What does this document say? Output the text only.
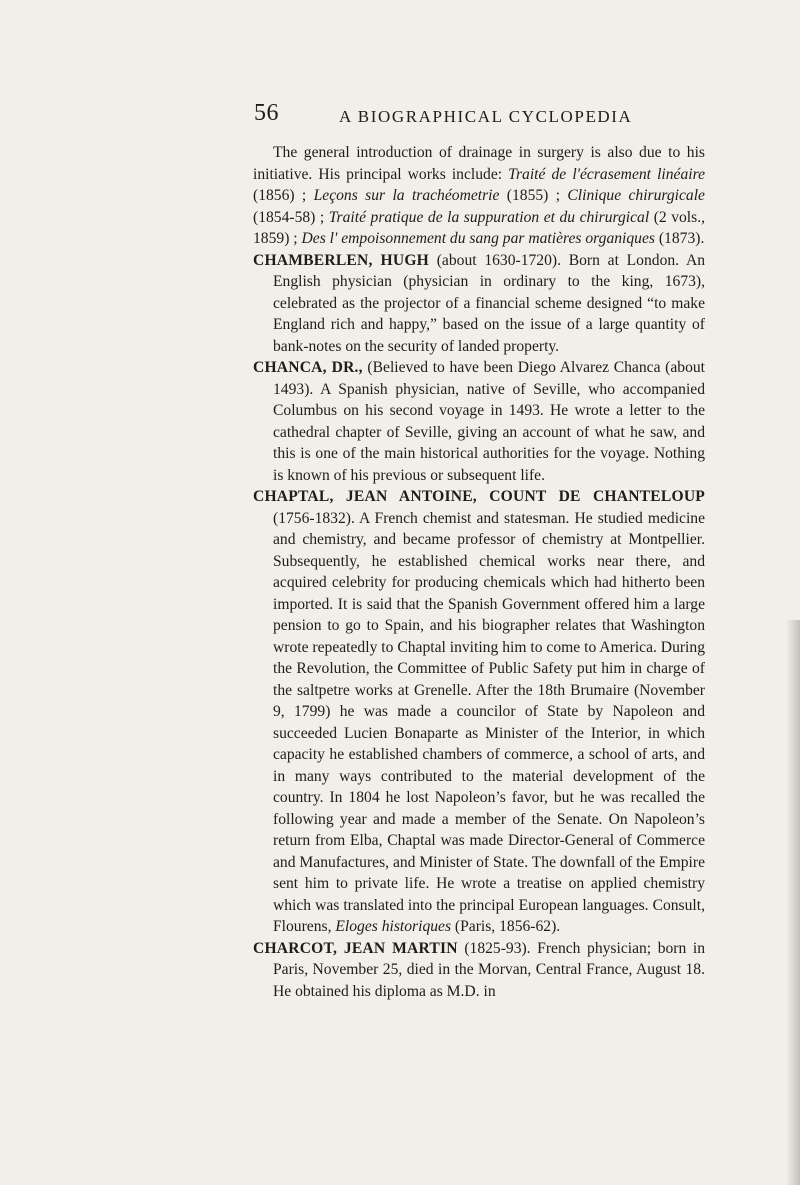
56	A BIOGRAPHICAL CYCLOPEDIA

The general introduction of drainage in surgery is also due to his initiative. His principal works include: Traité de l'écrasement linéaire (1856) ; Leçons sur la trachéometrie (1855) ; Clinique chirurgicale (1854-58) ; Traité pratique de la suppuration et du chirurgical (2 vols., 1859) ; Des l' empoisonnement du sang par matières organiques (1873).

CHAMBERLEN, HUGH (about 1630-1720). Born at London. An English physician (physician in ordinary to the king, 1673), celebrated as the projector of a financial scheme designed “to make England rich and happy,” based on the issue of a large quantity of bank-notes on the security of landed property.

CHANCA, DR., (Believed to have been Diego Alvarez Chanca (about 1493). A Spanish physician, native of Seville, who accompanied Columbus on his second voyage in 1493. He wrote a letter to the cathedral chapter of Seville, giving an account of what he saw, and this is one of the main historical authorities for the voyage. Nothing is known of his previous or subsequent life.

CHAPTAL, JEAN ANTOINE, COUNT DE CHANTELOUP (1756-1832). A French chemist and statesman. He studied medicine and chemistry, and became professor of chemistry at Montpellier. Subsequently, he established chemical works near there, and acquired celebrity for producing chemicals which had hitherto been imported. It is said that the Spanish Government offered him a large pension to go to Spain, and his biographer relates that Washington wrote repeatedly to Chaptal inviting him to come to America. During the Revolution, the Committee of Public Safety put him in charge of the saltpetre works at Grenelle. After the 18th Brumaire (November 9, 1799) he was made a councilor of State by Napoleon and succeeded Lucien Bonaparte as Minister of the Interior, in which capacity he established chambers of commerce, a school of arts, and in many ways contributed to the material development of the country. In 1804 he lost Napoleon’s favor, but he was recalled the following year and made a member of the Senate. On Napoleon’s return from Elba, Chaptal was made Director-General of Commerce and Manufactures, and Minister of State. The downfall of the Empire sent him to private life. He wrote a treatise on applied chemistry which was translated into the principal European languages. Consult, Flourens, Eloges historiques (Paris, 1856-62).

CHARCOT, JEAN MARTIN (1825-93). French physician; born in Paris, November 25, died in the Morvan, Central France, August 18. He obtained his diploma as M.D. in
